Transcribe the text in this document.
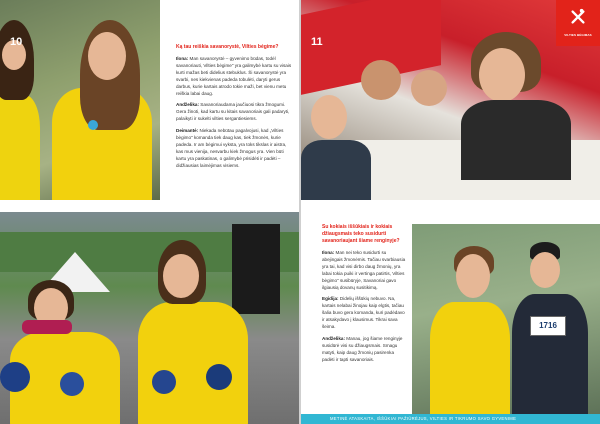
10	Ką tau reiškia savanorystė, Vilties bėgime?

Ilona: Man savanorystė – gyvenimo būdas, todėl savanoriauti, Vilties bėgime" yra galimybė kartu su visais kurti mažas beti didelius stebuklus. Ši savanorystė yra svarbi, nes kiekvienas padeda tobulėti, daryti gerus darbus, kurie kartais atrodo tokie maži, bet vienu metu reiškia labai daug.

Andželika: Savanoriaudama jaučiuosi tikra žmogumi. Gera žinoti, kad kartu su kitais savanoriais gali padaryti, palaikyti ir sukelti vilties sergantiesiems.

Deimantė: Niekada nebūtau pagalvojusi, kad „Vilties bėgimo" komanda tiek daug kas, tiek žmonės, kurie padeda. Ir am bėgimui vyksta, yra toks tikslas ir aistra, kas mus vienija, nesvarbu kiek žmogus yra. Vien būti kartu yra paskatinas, o galimybė prisidėti ir padėti – didžiausias laimėjimas visiems.

11
VILTIES BĖGIMAS
Su kokiais iššūkiais ir kokiais džiaugsmais teko susidurti savanoriaujant šiame renginyje?

Ilona: Man nei teko susidurti su abejingais žmonėmis. Tačiau svarbiausia yra tai, kad visi dirbo daug žmonių, yra labai tokia puiki ir vertinga patirtis, Vilties bėgimo" susibūryje, Savanoriai gavo ilgiausią dovanų susitikimą.

Egidija: Didelių iššūkių nebuvo. Na, kartais nelabai žinojau kaip elgtis, tačiau šalia buvo gera komanda, kuri padėdavo ir atsakydavo į klausimus. Tikrai sava šeima.

Andželika: Manau, jog šiame renginyje susidūrė visi su džiaugsmais. Smagu matyti, kaip daug žmonių pasirenka padėti ir tapti savanoriais.

1716
METINĖ ATASKAITA, IŠŠŪKIAI PAŽIŪRĖJUS, VILTIES IR TIKRUMO SAVO GYVENIME
